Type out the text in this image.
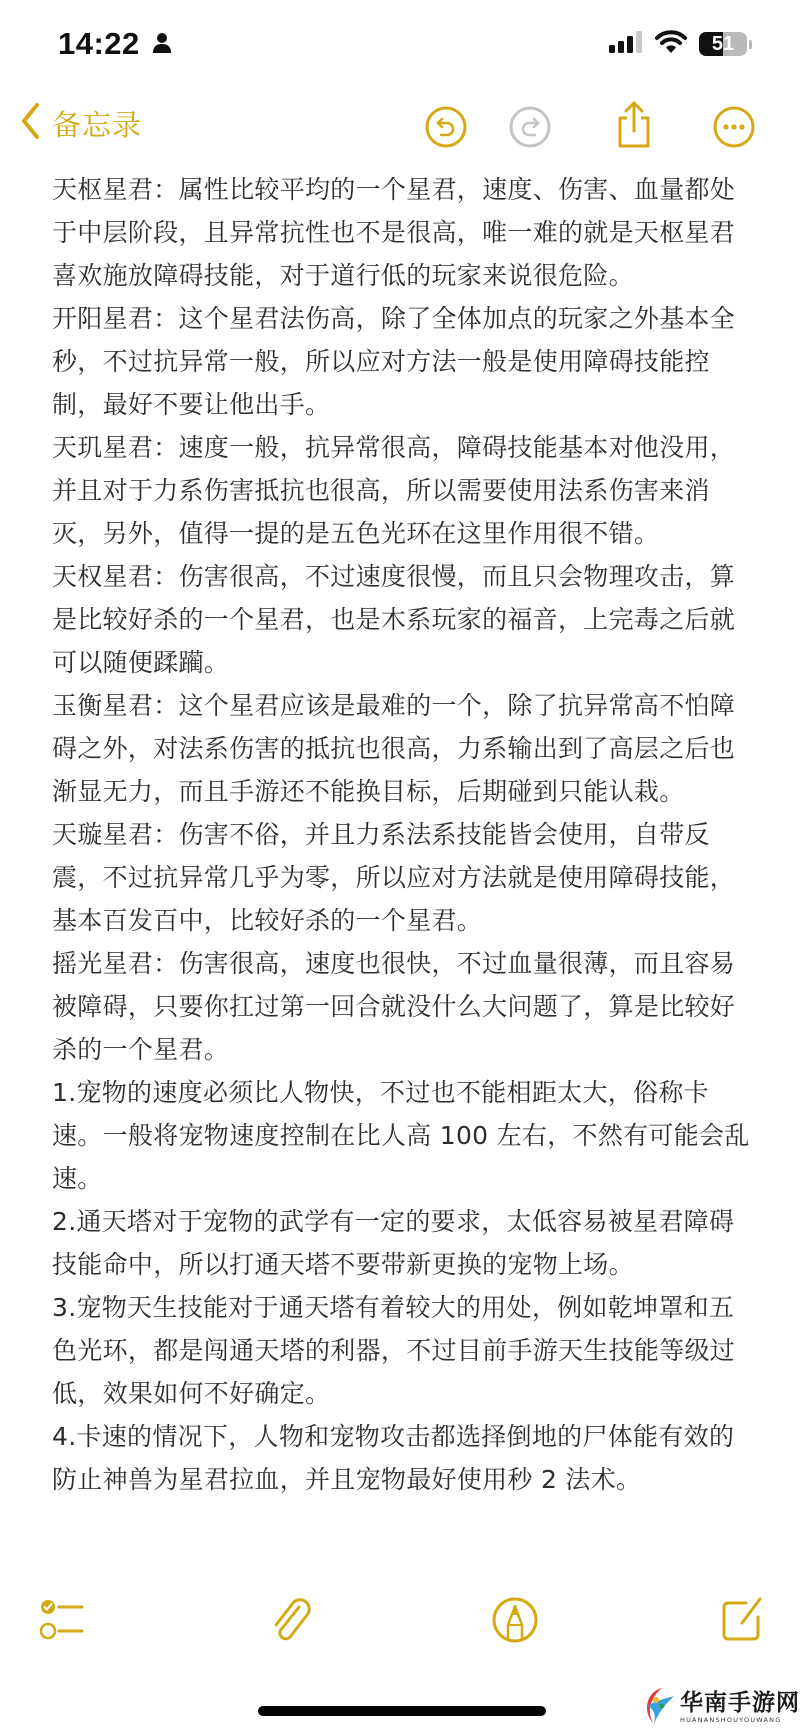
14:22	51
备忘录

天枢星君：属性比较平均的一个星君，速度、伤害、血量都处于中层阶段，且异常抗性也不是很高，唯一难的就是天枢星君喜欢施放障碍技能，对于道行低的玩家来说很危险。

开阳星君：这个星君法伤高，除了全体加点的玩家之外基本全秒，不过抗异常一般，所以应对方法一般是使用障碍技能控制，最好不要让他出手。

天玑星君：速度一般，抗异常很高，障碍技能基本对他没用，并且对于力系伤害抵抗也很高，所以需要使用法系伤害来消灭，另外，值得一提的是五色光环在这里作用很不错。

天权星君：伤害很高，不过速度很慢，而且只会物理攻击，算是比较好杀的一个星君，也是木系玩家的福音，上完毒之后就可以随便蹂躏。

玉衡星君：这个星君应该是最难的一个，除了抗异常高不怕障碍之外，对法系伤害的抵抗也很高，力系输出到了高层之后也渐显无力，而且手游还不能换目标，后期碰到只能认栽。

天璇星君：伤害不俗，并且力系法系技能皆会使用，自带反震，不过抗异常几乎为零，所以应对方法就是使用障碍技能，基本百发百中，比较好杀的一个星君。

摇光星君：伤害很高，速度也很快，不过血量很薄，而且容易被障碍，只要你扛过第一回合就没什么大问题了，算是比较好杀的一个星君。

1.宠物的速度必须比人物快，不过也不能相距太大，俗称卡速。一般将宠物速度控制在比人高 100 左右，不然有可能会乱速。

2.通天塔对于宠物的武学有一定的要求，太低容易被星君障碍技能命中，所以打通天塔不要带新更换的宠物上场。

3.宠物天生技能对于通天塔有着较大的用处，例如乾坤罩和五色光环，都是闯通天塔的利器，不过目前手游天生技能等级过低，效果如何不好确定。

4.卡速的情况下，人物和宠物攻击都选择倒地的尸体能有效的防止神兽为星君拉血，并且宠物最好使用秒 2 法术。

华南手游网
HUANANSHOUYOUWANG
